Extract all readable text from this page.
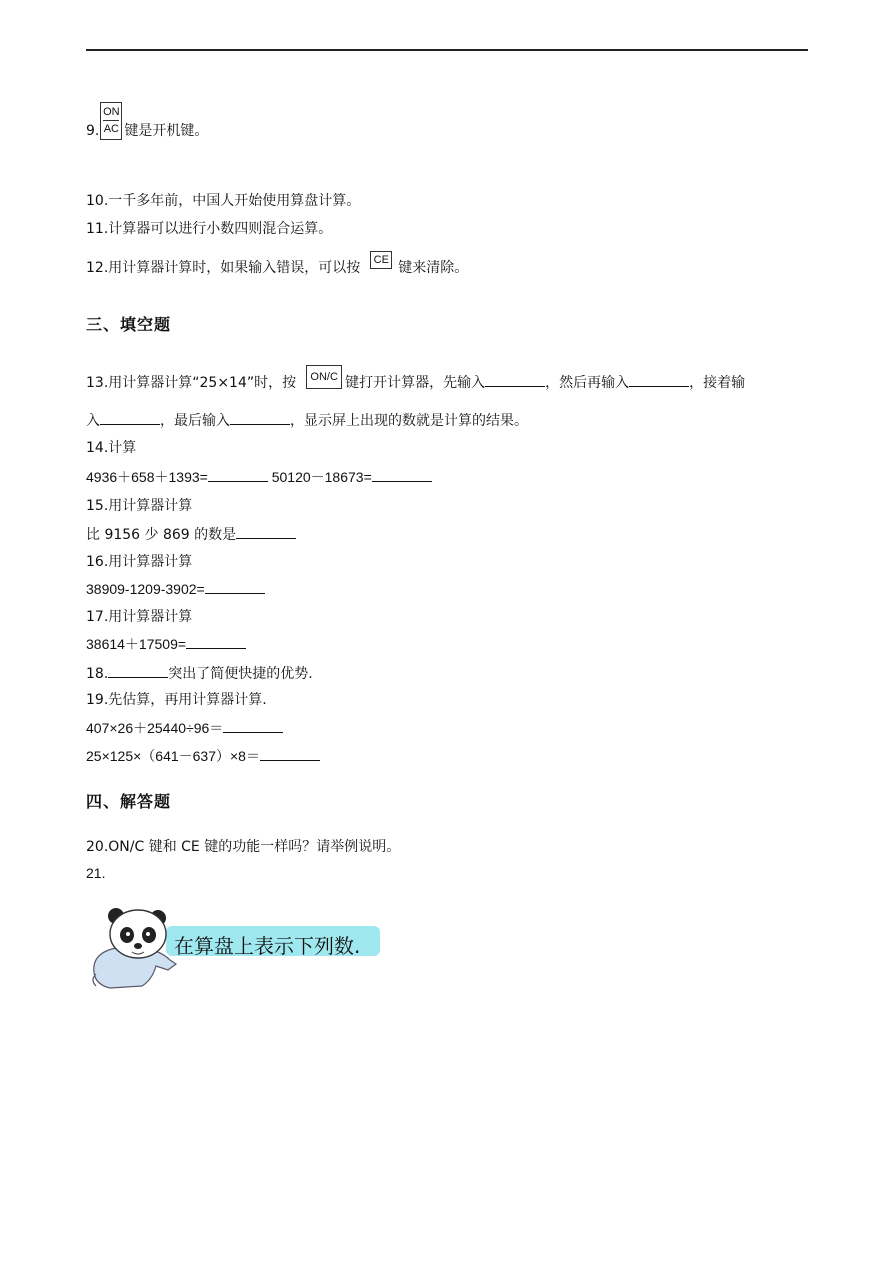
9. $\frac{ON}{AC}$ 键是开机键。
10.一千多年前，中国人开始使用算盘计算。
11.计算器可以进行小数四则混合运算。
12.用计算器计算时，如果输入错误，可以按 CE 键来清除。
三、填空题
13.用计算器计算“25×14”时，按 ON/C 键打开计算器，先输入	，然后再输入	，接着输
入	，最后输入	，显示屏上出现的数就是计算的结果。
14.计算
4936＋658＋1393=	50120－18673=
15.用计算器计算
比 9156 少 869 的数是
16.用计算器计算
38909-1209-3902=
17.用计算器计算
38614＋17509=
18.	突出了简便快捷的优势.
19.先估算，再用计算器计算.
407×26＋25440÷96＝
25×125×（641－637）×8＝
四、解答题
20.ON/C 键和 CE 键的功能一样吗？请举例说明。
21.
在算盘上表示下列数.
